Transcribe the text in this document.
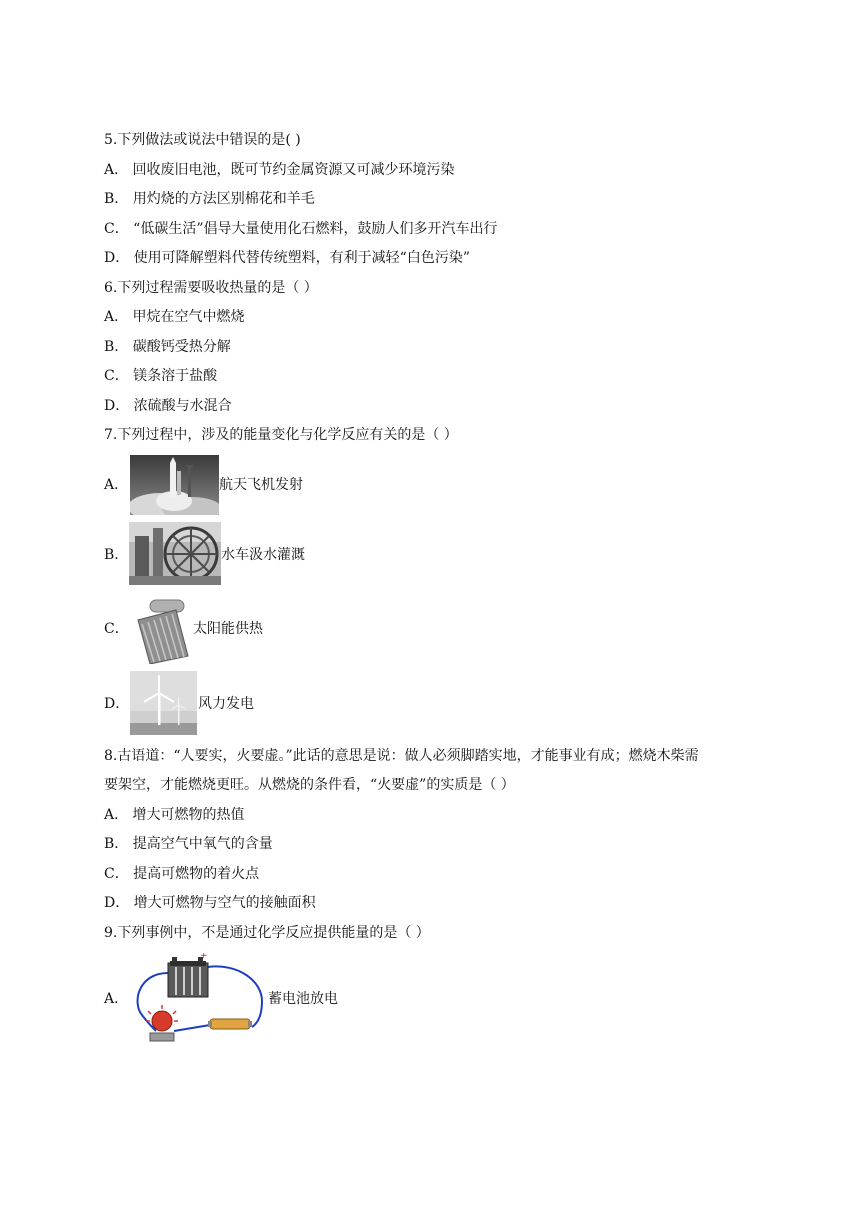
5.下列做法或说法中错误的是( )
A． 回收废旧电池，既可节约金属资源又可减少环境污染
B． 用灼烧的方法区别棉花和羊毛
C． “低碳生活”倡导大量使用化石燃料，鼓励人们多开汽车出行
D． 使用可降解塑料代替传统塑料，有利于减轻“白色污染”
6.下列过程需要吸收热量的是（ ）
A． 甲烷在空气中燃烧
B． 碳酸钙受热分解
C． 镁条溶于盐酸
D． 浓硫酸与水混合
7.下列过程中，涉及的能量变化与化学反应有关的是（ ）
A．	航天飞机发射
B．	水车汲水灌溉
C．	太阳能供热
D．	风力发电
8.古语道：“人要实，火要虚。”此话的意思是说：做人必须脚踏实地，才能事业有成；燃烧木柴需
要架空，才能燃烧更旺。从燃烧的条件看，“火要虚”的实质是（ ）
A． 增大可燃物的热值
B． 提高空气中氧气的含量
C． 提高可燃物的着火点
D． 增大可燃物与空气的接触面积
9.下列事例中，不是通过化学反应提供能量的是（ ）
A．
+
蓄电池放电
